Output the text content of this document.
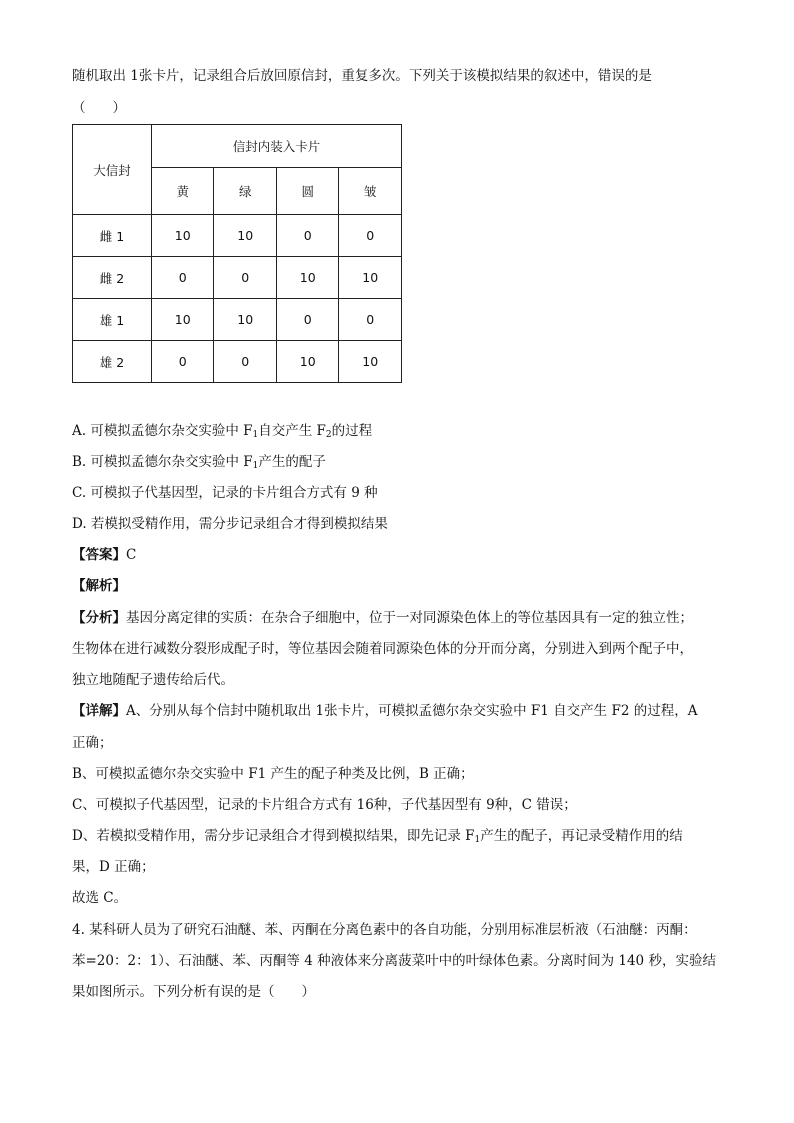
随机取出 1张卡片，记录组合后放回原信封，重复多次。下列关于该模拟结果的叙述中，错误的是
（　　）
大信封	信封内装入卡片			
	黄	绿	圆	皱
雌 1	10	10	0	0
雌 2	0	0	10	10
雄 1	10	10	0	0
雄 2	0	0	10	10
A. 可模拟孟德尔杂交实验中 $F_1$自交产生 $F_2$的过程
B. 可模拟孟德尔杂交实验中 $F_1$产生的配子
C. 可模拟子代基因型，记录的卡片组合方式有 9 种
D. 若模拟受精作用，需分步记录组合才得到模拟结果
【答案】C
【解析】
【分析】基因分离定律的实质：在杂合子细胞中，位于一对同源染色体上的等位基因具有一定的独立性；
生物体在进行减数分裂形成配子时，等位基因会随着同源染色体的分开而分离，分别进入到两个配子中，
独立地随配子遗传给后代。
【详解】A、分别从每个信封中随机取出 1张卡片，可模拟孟德尔杂交实验中 F1 自交产生 F2 的过程，A
正确；
B、可模拟孟德尔杂交实验中 F1 产生的配子种类及比例，B 正确；
C、可模拟子代基因型，记录的卡片组合方式有 16种，子代基因型有 9种，C 错误；
D、若模拟受精作用，需分步记录组合才得到模拟结果，即先记录 $F_1$产生的配子，再记录受精作用的结
果，D 正确；
故选 C。
4. 某科研人员为了研究石油醚、苯、丙酮在分离色素中的各自功能，分别用标准层析液（石油醚：丙酮：
苯=20：2：1）、石油醚、苯、丙酮等 4 种液体来分离菠菜叶中的叶绿体色素。分离时间为 140 秒，实验结
果如图所示。下列分析有误的是（　　）
